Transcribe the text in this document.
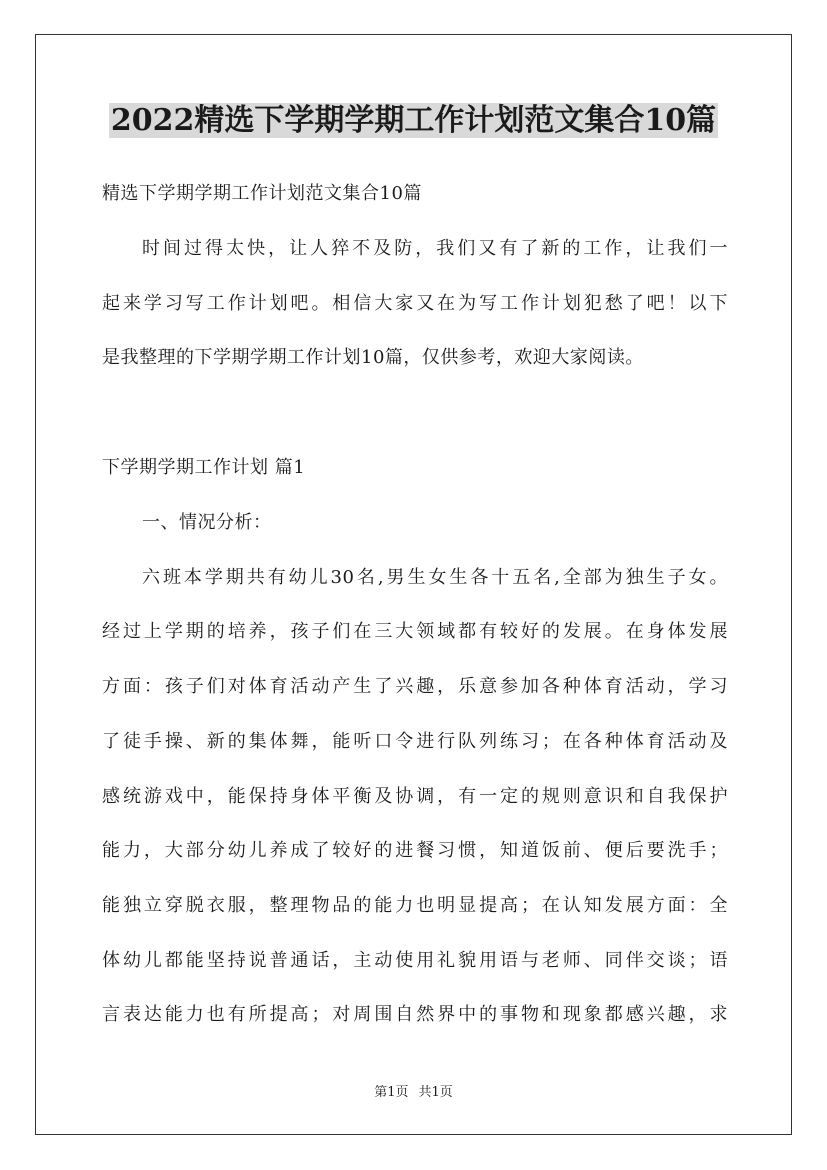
2022精选下学期学期工作计划范文集合10篇
精选下学期学期工作计划范文集合10篇
时间过得太快，让人猝不及防，我们又有了新的工作，让我们一
起来学习写工作计划吧。相信大家又在为写工作计划犯愁了吧！以下
是我整理的下学期学期工作计划10篇，仅供参考，欢迎大家阅读。
下学期学期工作计划 篇1
一、情况分析：
六班本学期共有幼儿30名,男生女生各十五名,全部为独生子女。
经过上学期的培养，孩子们在三大领域都有较好的发展。在身体发展
方面：孩子们对体育活动产生了兴趣，乐意参加各种体育活动，学习
了徒手操、新的集体舞，能听口令进行队列练习；在各种体育活动及
感统游戏中，能保持身体平衡及协调，有一定的规则意识和自我保护
能力，大部分幼儿养成了较好的进餐习惯，知道饭前、便后要洗手；
能独立穿脱衣服，整理物品的能力也明显提高；在认知发展方面：全
体幼儿都能坚持说普通话，主动使用礼貌用语与老师、同伴交谈；语
言表达能力也有所提高；对周围自然界中的事物和现象都感兴趣，求
第1页 共1页
